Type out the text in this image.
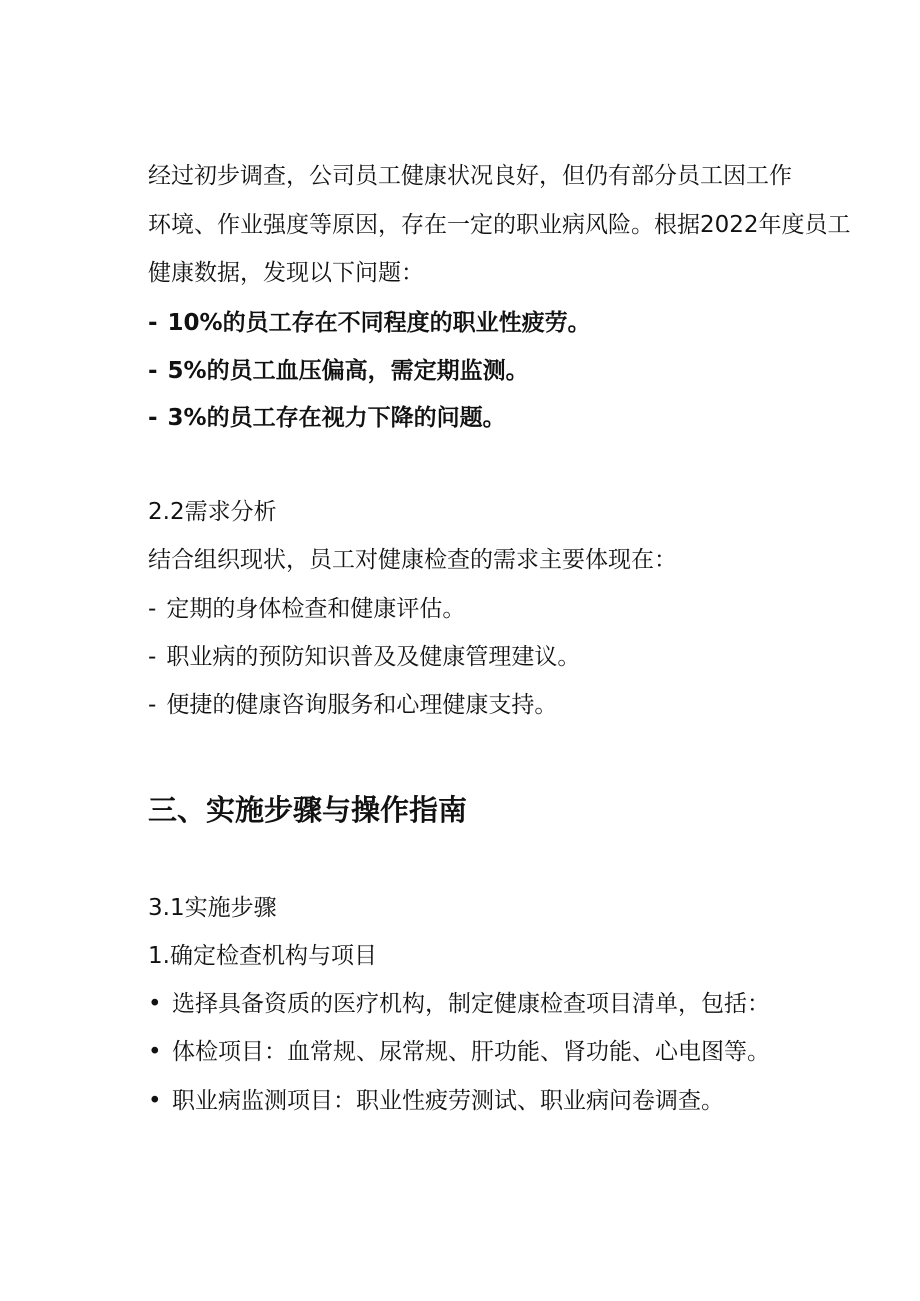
经过初步调查，公司员工健康状况良好，但仍有部分员工因工作
环境、作业强度等原因，存在一定的职业病风险。根据2022年度员工
健康数据，发现以下问题：
- 10%的员工存在不同程度的职业性疲劳。
- 5%的员工血压偏高，需定期监测。
- 3%的员工存在视力下降的问题。
2.2需求分析
结合组织现状，员工对健康检查的需求主要体现在：
- 定期的身体检查和健康评估。
- 职业病的预防知识普及及健康管理建议。
- 便捷的健康咨询服务和心理健康支持。
三、实施步骤与操作指南
3.1实施步骤
1.确定检查机构与项目
• 选择具备资质的医疗机构，制定健康检查项目清单，包括：
• 体检项目：血常规、尿常规、肝功能、肾功能、心电图等。
• 职业病监测项目：职业性疲劳测试、职业病问卷调查。
